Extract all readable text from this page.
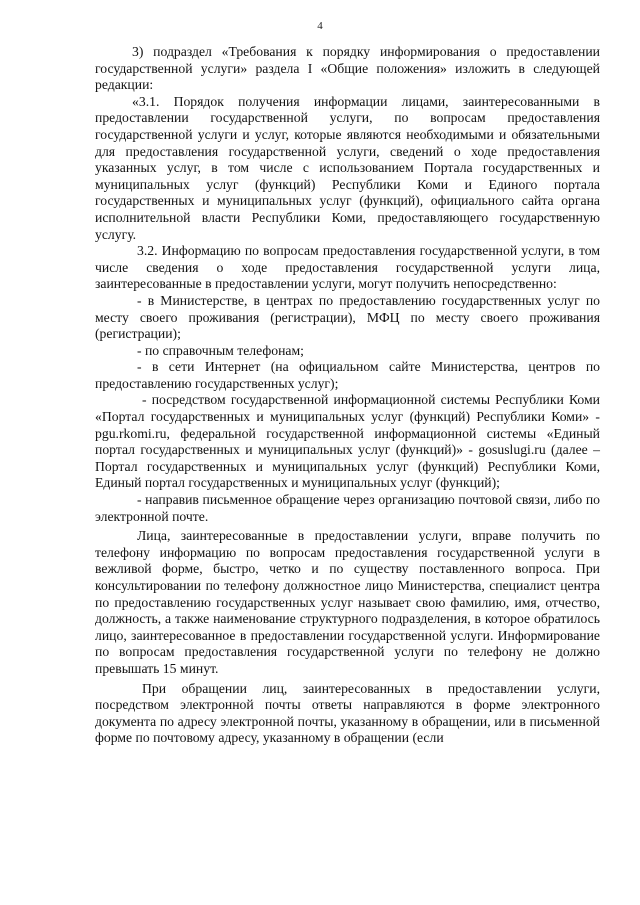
4

3) подраздел «Требования к порядку информирования о предоставлении государственной услуги» раздела I «Общие положения» изложить в следующей редакции:

«3.1. Порядок получения информации лицами, заинтересованными в предоставлении государственной услуги, по вопросам предоставления государственной услуги и услуг, которые являются необходимыми и обязательными для предоставления государственной услуги, сведений о ходе предоставления указанных услуг, в том числе с использованием Портала государственных и муниципальных услуг (функций) Республики Коми и Единого портала государственных и муниципальных услуг (функций), официального сайта органа исполнительной власти Республики Коми, предоставляющего государственную услугу.

3.2. Информацию по вопросам предоставления государственной услуги, в том числе сведения о ходе предоставления государственной услуги лица, заинтересованные в предоставлении услуги, могут получить непосредственно:

- в Министерстве, в центрах по предоставлению государственных услуг по месту своего проживания (регистрации), МФЦ по месту своего проживания (регистрации);

- по справочным телефонам;

- в сети Интернет (на официальном сайте Министерства, центров по предоставлению государственных услуг);

- посредством государственной информационной системы Республики Коми «Портал государственных и муниципальных услуг (функций) Республики Коми» - pgu.rkomi.ru, федеральной государственной информационной системы «Единый портал государственных и муниципальных услуг (функций)» - gosuslugi.ru (далее – Портал государственных и муниципальных услуг (функций) Республики Коми, Единый портал государственных и муниципальных услуг (функций);

- направив письменное обращение через организацию почтовой связи, либо по электронной почте.

Лица, заинтересованные в предоставлении услуги, вправе получить по телефону информацию по вопросам предоставления государственной услуги в вежливой форме, быстро, четко и по существу поставленного вопроса. При консультировании по телефону должностное лицо Министерства, специалист центра по предоставлению государственных услуг называет свою фамилию, имя, отчество, должность, а также наименование структурного подразделения, в которое обратилось лицо, заинтересованное в предоставлении государственной услуги. Информирование по вопросам предоставления государственной услуги по телефону не должно превышать 15 минут.

При обращении лиц, заинтересованных в предоставлении услуги, посредством электронной почты ответы направляются в форме электронного документа по адресу электронной почты, указанному в обращении, или в письменной форме по почтовому адресу, указанному в обращении (если
